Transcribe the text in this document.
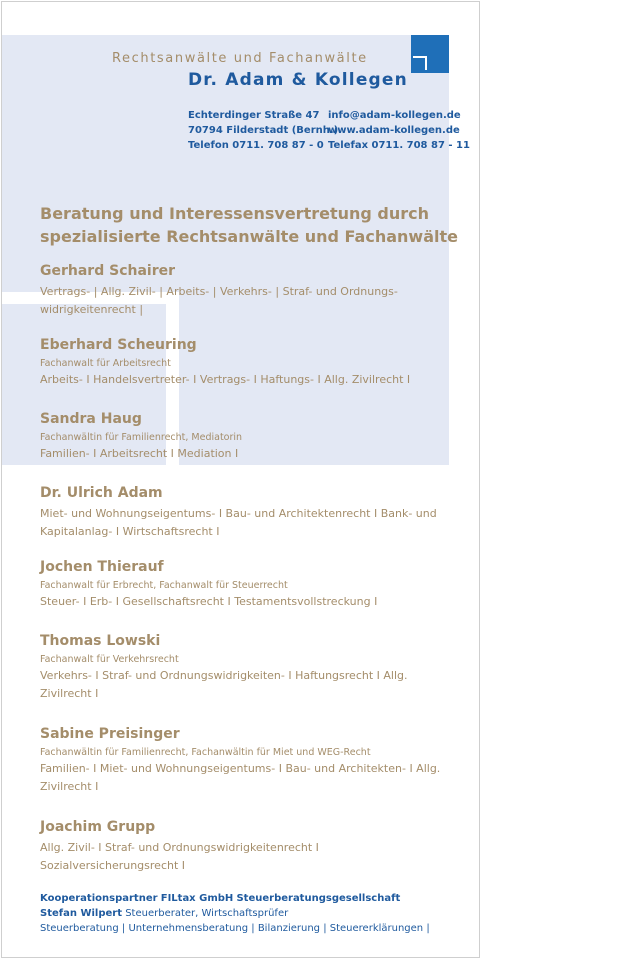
Rechtsanwälte und Fachanwälte
Dr. Adam & Kollegen
Echterdinger Straße 47
70794 Filderstadt (Bernh.)
Telefon 0711. 708 87 - 0
info@adam-kollegen.de
www.adam-kollegen.de
Telefax 0711. 708 87 - 11
Beratung und Interessensvertretung durch spezialisierte Rechtsanwälte und Fachanwälte
Gerhard Schairer
Vertrags- | Allg. Zivil- | Arbeits- | Verkehrs- | Straf- und Ordnungs-widrigkeitenrecht |
Eberhard Scheuring
Fachanwalt für Arbeitsrecht
Arbeits- I Handelsvertreter- I Vertrags- I Haftungs- I Allg. Zivilrecht I
Sandra Haug
Fachanwältin für Familienrecht, Mediatorin
Familien- I Arbeitsrecht I Mediation I
Dr. Ulrich Adam
Miet- und Wohnungseigentums- I Bau- und Architektenrecht I Bank- und Kapitalanlag- I Wirtschaftsrecht I
Jochen Thierauf
Fachanwalt für Erbrecht, Fachanwalt für Steuerrecht
Steuer- I Erb- I Gesellschaftsrecht I Testamentsvollstreckung I
Thomas Lowski
Fachanwalt für Verkehrsrecht
Verkehrs- I Straf- und Ordnungswidrigkeiten- I Haftungsrecht I Allg. Zivilrecht I
Sabine Preisinger
Fachanwältin für Familienrecht, Fachanwältin für Miet und WEG-Recht
Familien- I Miet- und Wohnungseigentums- I Bau- und Architekten- I Allg. Zivilrecht I
Joachim Grupp
Allg. Zivil- I Straf- und Ordnungswidrigkeitenrecht I Sozialversicherungsrecht I
Kooperationspartner FILtax GmbH Steuerberatungsgesellschaft
Stefan Wilpert Steuerberater, Wirtschaftsprüfer
Steuerberatung | Unternehmensberatung | Bilanzierung | Steuererklärungen |
